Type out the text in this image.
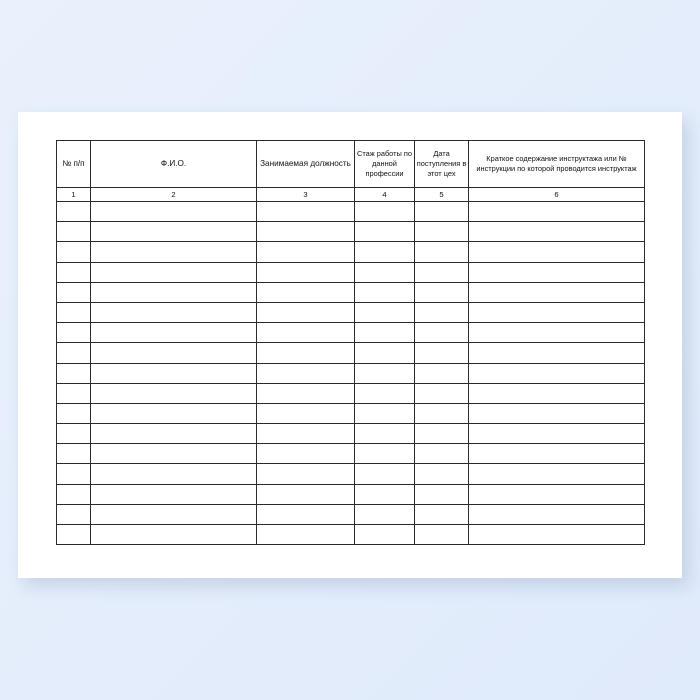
№ п/п	Ф.И.О.	Занимаемая должность	Стаж работы по данной профессии	Дата поступления в этот цех	Краткое содержание инструктажа или № инструкции по которой проводится инструктаж
1	2	3	4	5	6
